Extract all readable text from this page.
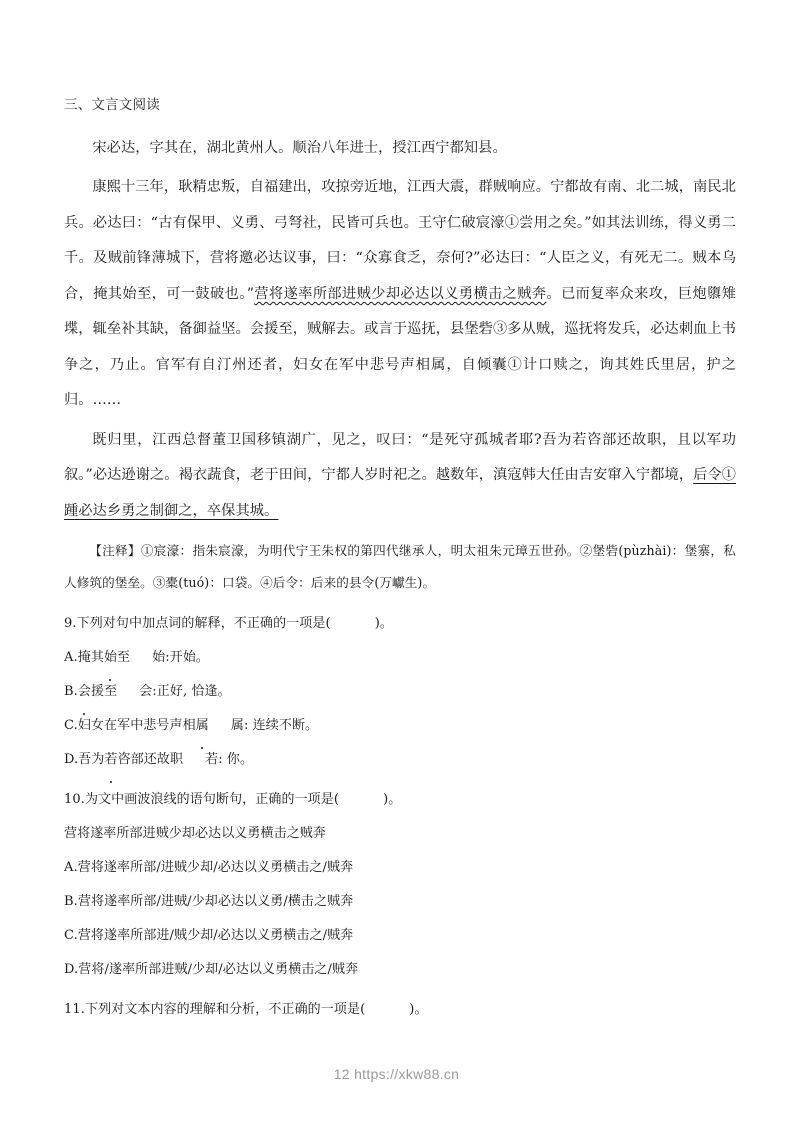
三、文言文阅读

宋必达，字其在，湖北黄州人。顺治八年进士，授江西宁都知县。

康熙十三年，耿精忠叛，自福建出，攻掠旁近地，江西大震，群贼响应。宁都故有南、北二城，南民北兵。必达曰：“古有保甲、义勇、弓弩社，民皆可兵也。王守仁破宸濠①尝用之矣。”如其法训练，得义勇二千。及贼前锋薄城下，营将邀必达议事，曰：“众寡食乏，奈何?”必达曰：“人臣之义，有死无二。贼本乌合，掩其始至，可一鼓破也。”营将遂率所部进贼少却必达以义勇横击之贼奔。已而复率众来攻，巨炮隳雉堞，辄垒补其缺，备御益坚。会援至，贼解去。或言于巡抚，县堡砦③多从贼，巡抚将发兵，必达刺血上书争之，乃止。官军有自汀州还者，妇女在军中悲号声相属，自倾囊①计口赎之，询其姓氏里居，护之归。……

既归里，江西总督董卫国移镇湖广，见之，叹曰：“是死守孤城者耶?吾为若咨部还故职，且以军功叙。”必达逊谢之。褐衣蔬食，老于田间，宁都人岁时祀之。越数年，滇寇韩大任由吉安窜入宁都境，后令①踵必达乡勇之制御之，卒保其城。

【注释】①宸濠：指朱宸濠，为明代宁王朱权的第四代继承人，明太祖朱元璋五世孙。②堡砦(pùzhài)：堡寨，私人修筑的堡垒。③橐(tuó)：口袋。④后令：后来的县令(万巘生)。

9.下列对句中加点词的解释，不正确的一项是(	)。

A.掩其始至 始:开始。

B.会援至 会:正好, 恰逢。

C.妇女在军中悲号声相属 属: 连续不断。

D.吾为若咨部还故职 若: 你。

10.为文中画波浪线的语句断句，正确的一项是(	)。

营将遂率所部进贼少却必达以义勇横击之贼奔

A.营将遂率所部/进贼少却/必达以义勇横击之/贼奔

B.营将遂率所部/进贼/少却必达以义勇/横击之贼奔

C.营将遂率所部进/贼少却/必达以义勇横击之/贼奔

D.营将/遂率所部进贼/少却/必达以义勇横击之/贼奔

11.下列对文本内容的理解和分析，不正确的一项是(	)。

12 https://xkw88.cn
